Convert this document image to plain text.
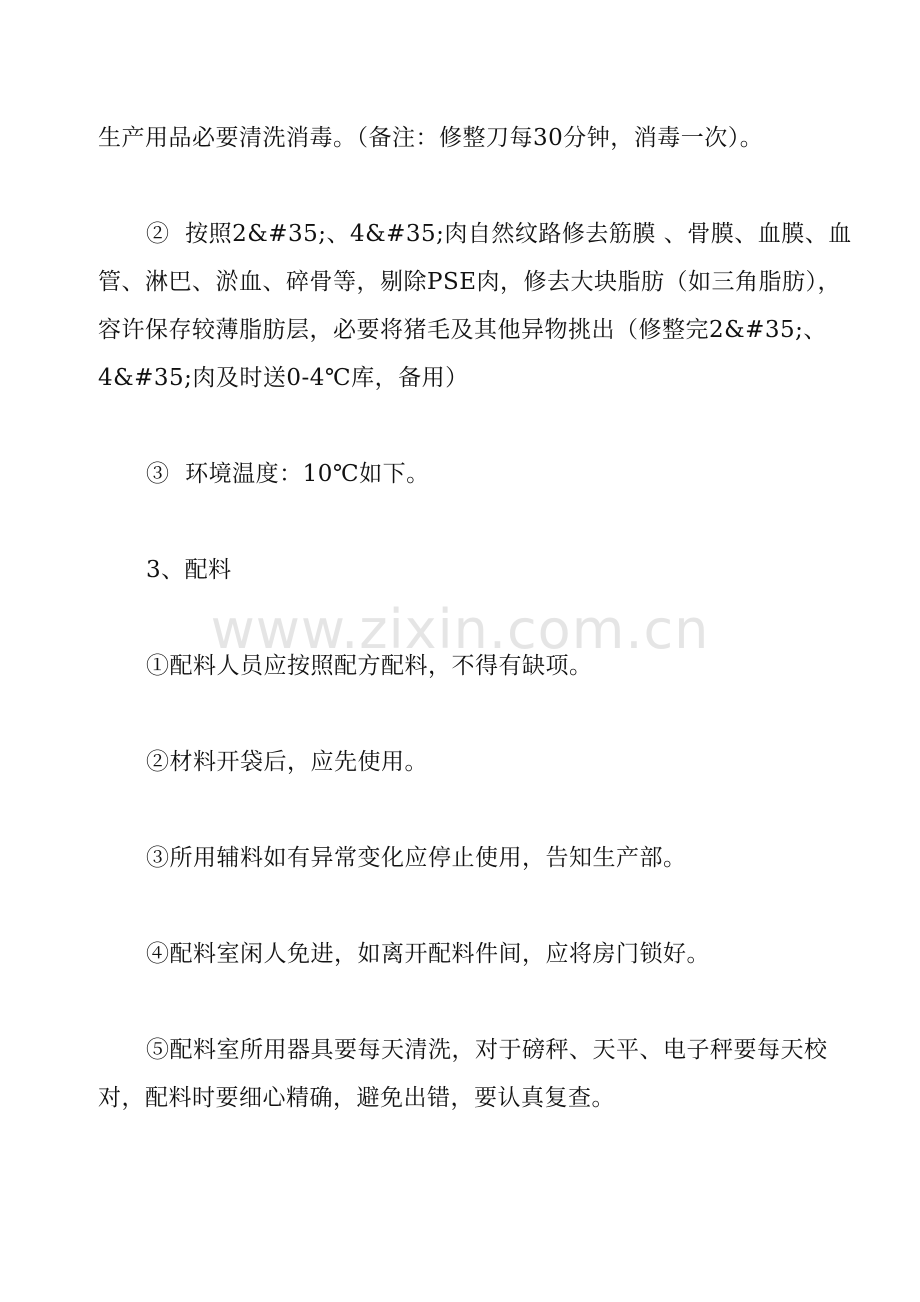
生产用品必要清洗消毒。（备注：修整刀每30分钟，消毒一次）。

②  按照2&#35;、4&#35;肉自然纹路修去筋膜 、骨膜、血膜、血管、淋巴、淤血、碎骨等，剔除PSE肉，修去大块脂肪（如三角脂肪），容许保存较薄脂肪层，必要将猪毛及其他异物挑出（修整完2&#35;、4&#35;肉及时送0-4℃库，备用）

③  环境温度：10℃如下。

3、配料

①配料人员应按照配方配料，不得有缺项。

②材料开袋后，应先使用。

③所用辅料如有异常变化应停止使用，告知生产部。

④配料室闲人免进，如离开配料件间，应将房门锁好。

⑤配料室所用器具要每天清洗，对于磅秤、天平、电子秤要每天校对，配料时要细心精确，避免出错，要认真复查。

www.zixin.com.cn
